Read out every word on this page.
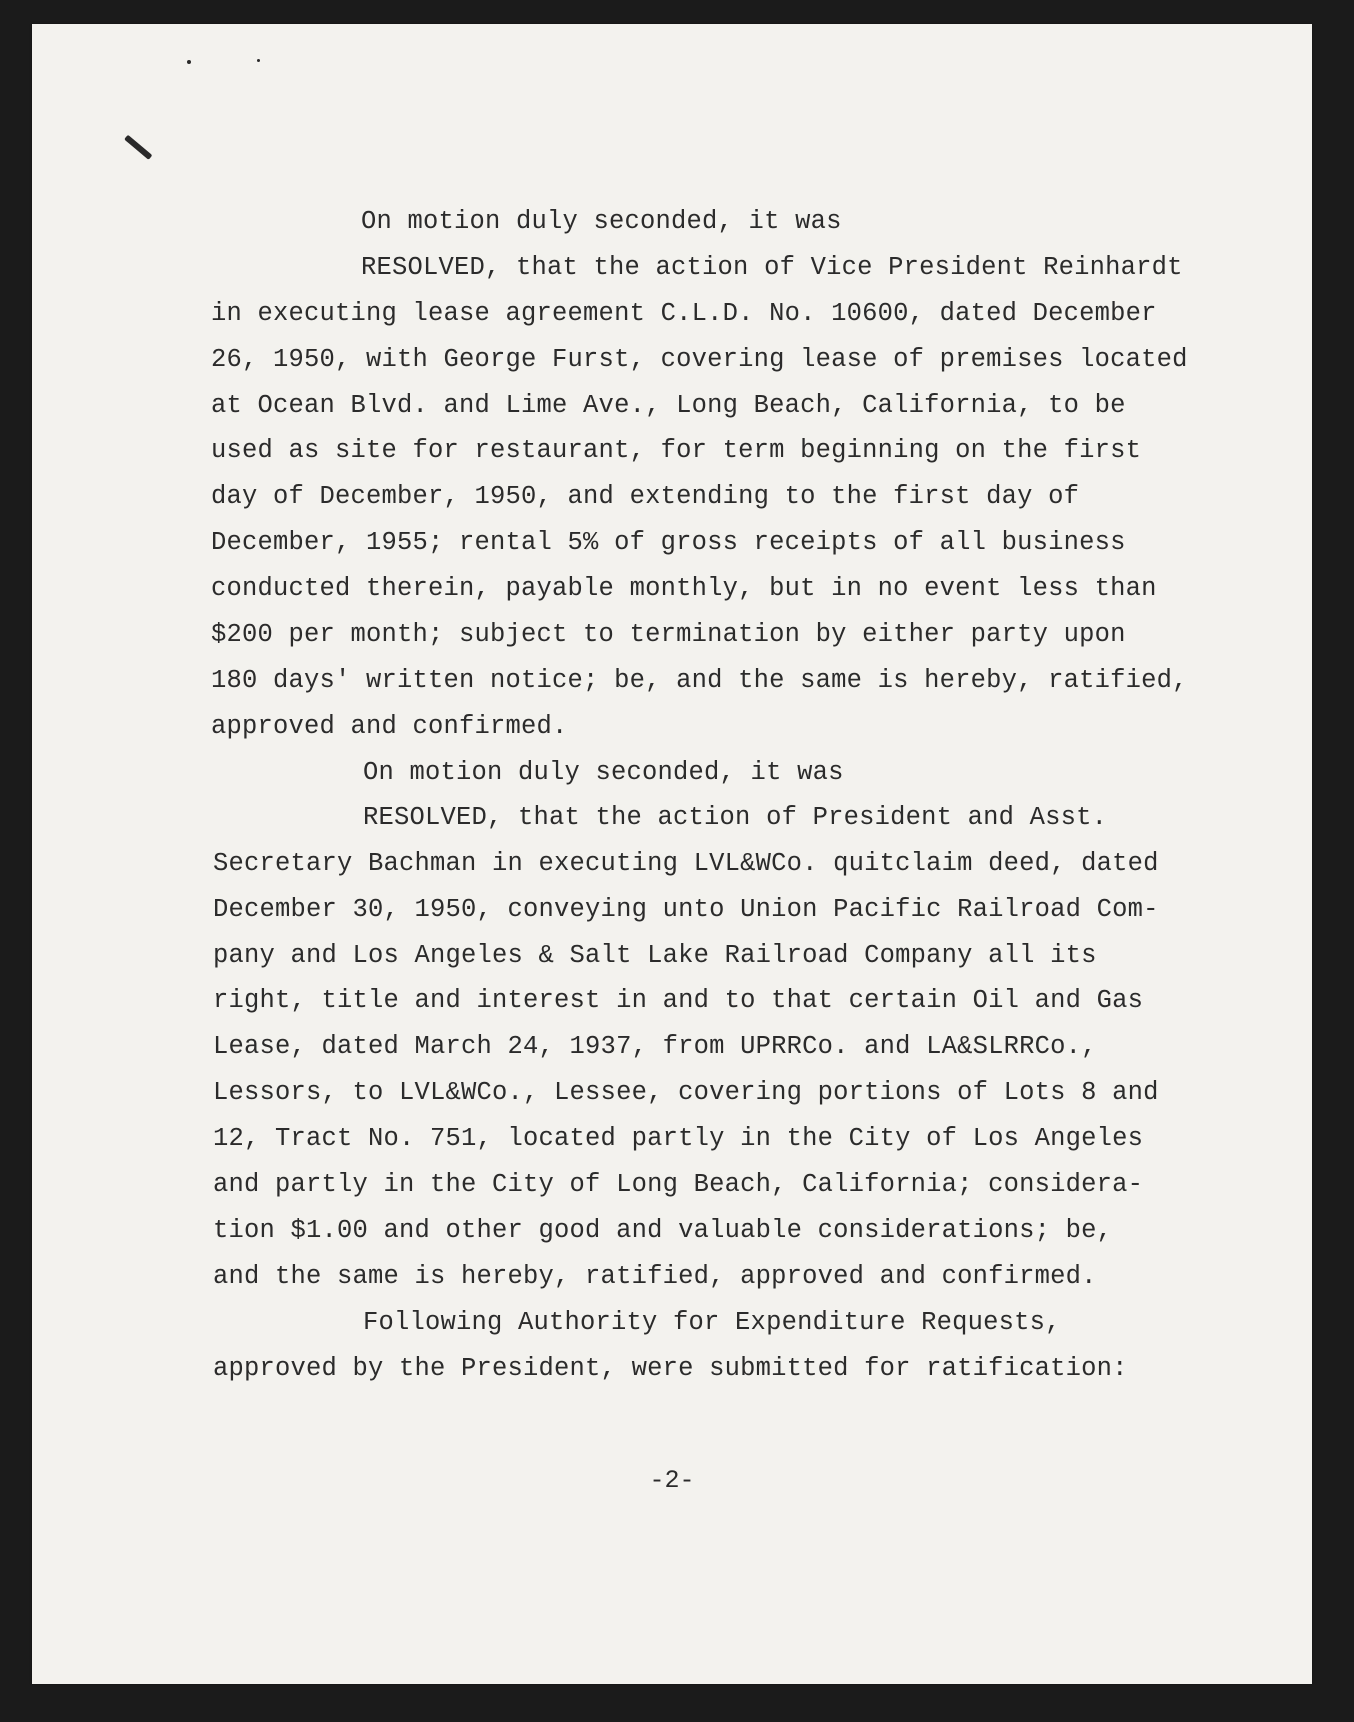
On motion duly seconded, it was
RESOLVED, that the action of Vice President Reinhardt
in executing lease agreement C.L.D. No. 10600, dated December
26, 1950, with George Furst, covering lease of premises located
at Ocean Blvd. and Lime Ave., Long Beach, California, to be
used as site for restaurant, for term beginning on the first
day of December, 1950, and extending to the first day of
December, 1955; rental 5% of gross receipts of all business
conducted therein, payable monthly, but in no event less than
$200 per month; subject to termination by either party upon
180 days' written notice; be, and the same is hereby, ratified,
approved and confirmed.
On motion duly seconded, it was
RESOLVED, that the action of President and Asst.
Secretary Bachman in executing LVL&WCo. quitclaim deed, dated
December 30, 1950, conveying unto Union Pacific Railroad Com-
pany and Los Angeles & Salt Lake Railroad Company all its
right, title and interest in and to that certain Oil and Gas
Lease, dated March 24, 1937, from UPRRCo. and LA&SLRRCo.,
Lessors, to LVL&WCo., Lessee, covering portions of Lots 8 and
12, Tract No. 751, located partly in the City of Los Angeles
and partly in the City of Long Beach, California; considera-
tion $1.00 and other good and valuable considerations; be,
and the same is hereby, ratified, approved and confirmed.
Following Authority for Expenditure Requests,
approved by the President, were submitted for ratification:
-2-
